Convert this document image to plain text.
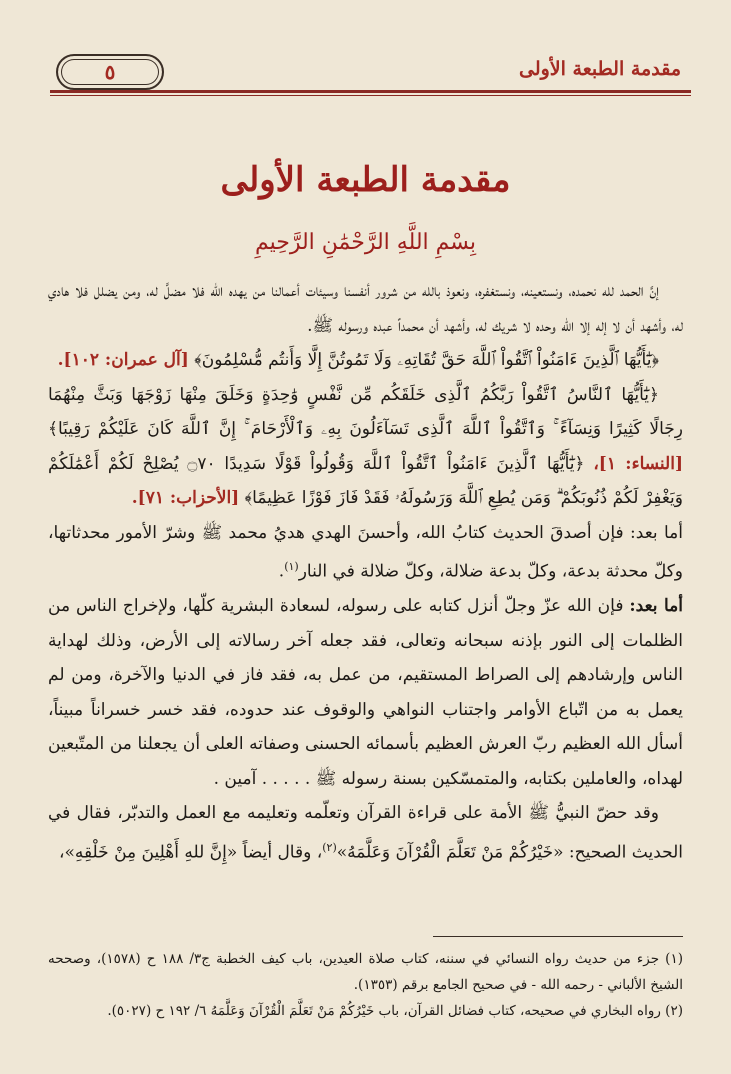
مقدمة الطبعة الأولى
٥
مقدمة الطبعة الأولى
بِسْمِ اللَّهِ الرَّحْمَٰنِ الرَّحِيمِ

إنَّ الحمد لله نحمده، ونستعينه، ونستغفره، ونعوذ بالله من شرور أنفسنا وسيئات أعمالنا من يهده الله فلا مضلَّ له، ومن يضلل فلا هادي له، وأشهد أن لا إله إلا الله وحده لا شريك له، وأشهد أن محمداً عبده ورسوله ﷺ.

﴿يَٰٓأَيُّهَا ٱلَّذِينَ ءَامَنُواْ ٱتَّقُواْ ٱللَّهَ حَقَّ تُقَاتِهِۦ وَلَا تَمُوتُنَّ إِلَّا وَأَنتُم مُّسْلِمُونَ﴾ [آل عمران: ١٠٢].

﴿يَٰٓأَيُّهَا ٱلنَّاسُ ٱتَّقُواْ رَبَّكُمُ ٱلَّذِى خَلَقَكُم مِّن نَّفْسٍ وَٰحِدَةٍ وَخَلَقَ مِنْهَا زَوْجَهَا وَبَثَّ مِنْهُمَا رِجَالًا كَثِيرًا وَنِسَآءً ۚ وَٱتَّقُواْ ٱللَّهَ ٱلَّذِى تَسَآءَلُونَ بِهِۦ وَٱلْأَرْحَامَ ۚ إِنَّ ٱللَّهَ كَانَ عَلَيْكُمْ رَقِيبًا﴾ [النساء: ١]، ﴿يَٰٓأَيُّهَا ٱلَّذِينَ ءَامَنُواْ ٱتَّقُواْ ٱللَّهَ وَقُولُواْ قَوْلًا سَدِيدًا ۝٧٠ يُصْلِحْ لَكُمْ أَعْمَٰلَكُمْ وَيَغْفِرْ لَكُمْ ذُنُوبَكُمْ ۗ وَمَن يُطِعِ ٱللَّهَ وَرَسُولَهُۥ فَقَدْ فَازَ فَوْزًا عَظِيمًا﴾ [الأحزاب: ٧١].

أما بعد: فإن أصدقَ الحديث كتابُ الله، وأحسنَ الهدي هديُ محمد ﷺ وشرّ الأمور محدثاتها، وكلّ محدثة بدعة، وكلّ بدعة ضلالة، وكلّ ضلالة في النار$^{(١)}$.

أما بعد: فإن الله عزّ وجلّ أنزل كتابه على رسوله، لسعادة البشرية كلّها، ولإخراج الناس من الظلمات إلى النور بإذنه سبحانه وتعالى، فقد جعله آخر رسالاته إلى الأرض، وذلك لهداية الناس وإرشادهم إلى الصراط المستقيم، من عمل به، فقد فاز في الدنيا والآخرة، ومن لم يعمل به من اتّباع الأوامر واجتناب النواهي والوقوف عند حدوده، فقد خسر خسراناً مبيناً، أسأل الله العظيم ربّ العرش العظيم بأسمائه الحسنى وصفاته العلى أن يجعلنا من المتّبعين لهداه، والعاملين بكتابه، والمتمسّكين بسنة رسوله ﷺ . . . . . آمين .

وقد حضّ النبيُّ ﷺ الأمة على قراءة القرآن وتعلّمه وتعليمه مع العمل والتدبّر، فقال في الحديث الصحيح: «خَيْرُكُمْ مَنْ تَعَلَّمَ الْقُرْآنَ وَعَلَّمَهُ»$^{(٢)}$، وقال أيضاً «إِنَّ للهِ أَهْلِينَ مِنْ خَلْقِهِ»،

(١) جزء من حديث رواه النسائي في سننه، كتاب صلاة العيدين، باب كيف الخطبة ج٣/ ١٨٨ ح (١٥٧٨)، وصححه الشيخ الألباني - رحمه الله - في صحيح الجامع برقم (١٣٥٣).

(٢) رواه البخاري في صحيحه، كتاب فضائل القرآن، باب خَيْرُكُمْ مَنْ تَعَلَّمَ الْقُرْآنَ وَعَلَّمَهُ ٦/ ١٩٢ ح (٥٠٢٧).
